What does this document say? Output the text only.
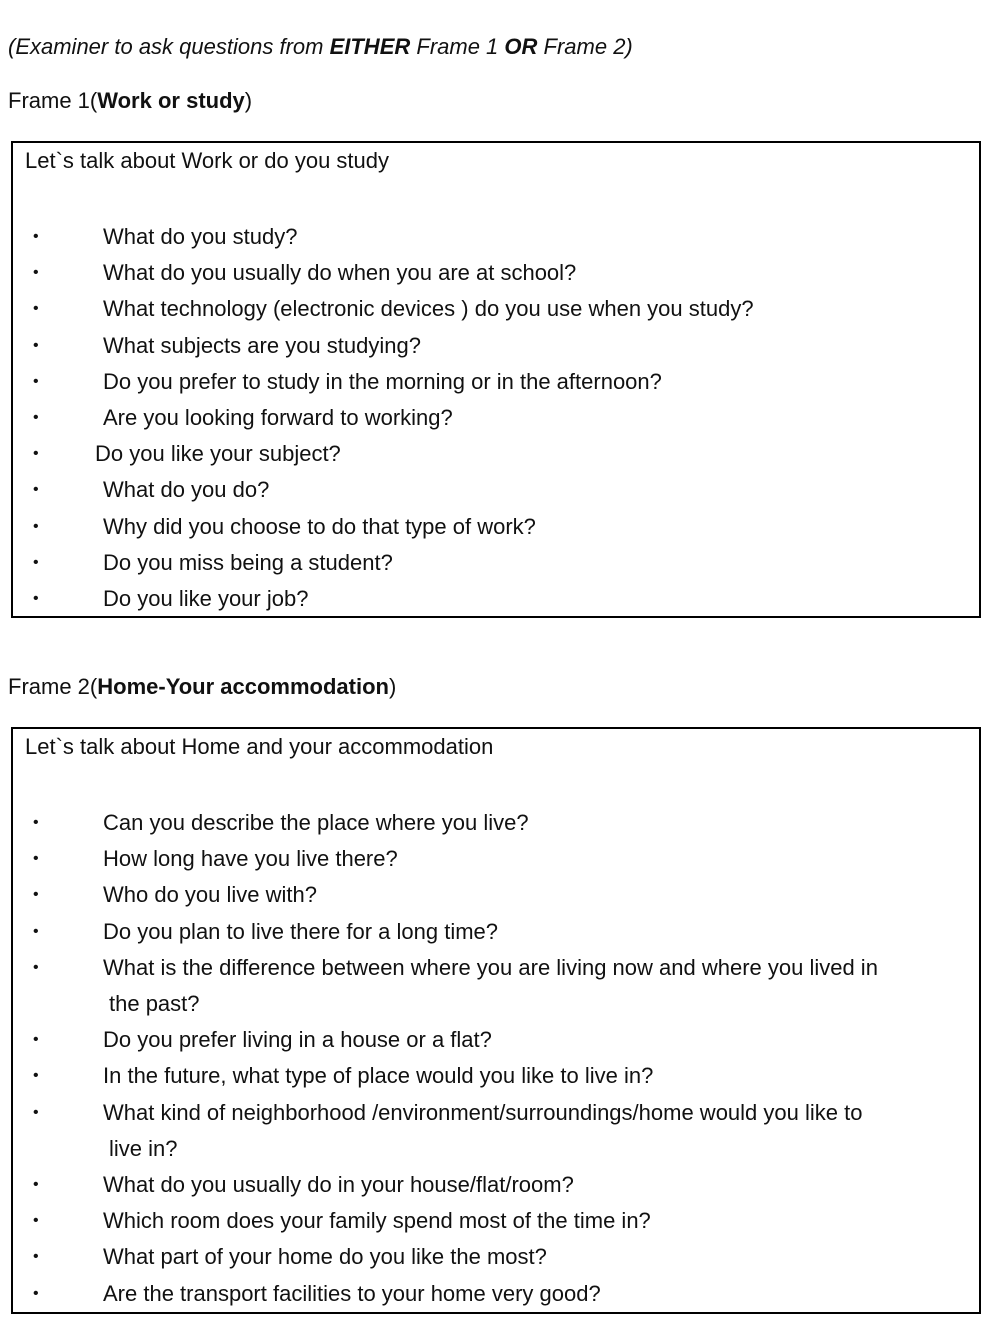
(Examiner to ask questions from EITHER Frame 1 OR Frame 2)
Frame 1(Work or study)
Let`s talk about Work or do you study
•	What do you study?
•	What do you usually do when you are at school?
•	What technology (electronic devices ) do you use when you study?
•	What subjects are you studying?
•	Do you prefer to study in the morning or in the afternoon?
•	Are you looking forward to working?
•	Do you like your subject?
•	What do you do?
•	Why did you choose to do that type of work?
•	Do you miss being a student?
•	Do you like your job?
Frame 2(Home-Your accommodation)
Let`s talk about Home and your accommodation
•	Can you describe the place where you live?
•	How long have you live there?
•	Who do you live with?
•	Do you plan to live there for a long time?
•	What is the difference between where you are living now and where you lived in
the past?
•	Do you prefer living in a house or a flat?
•	In the future, what type of place would you like to live in?
•	What kind of neighborhood /environment/surroundings/home would you like to
live in?
•	What do you usually do in your house/flat/room?
•	Which room does your family spend most of the time in?
•	What part of your home do you like the most?
•	Are the transport facilities to your home very good?
